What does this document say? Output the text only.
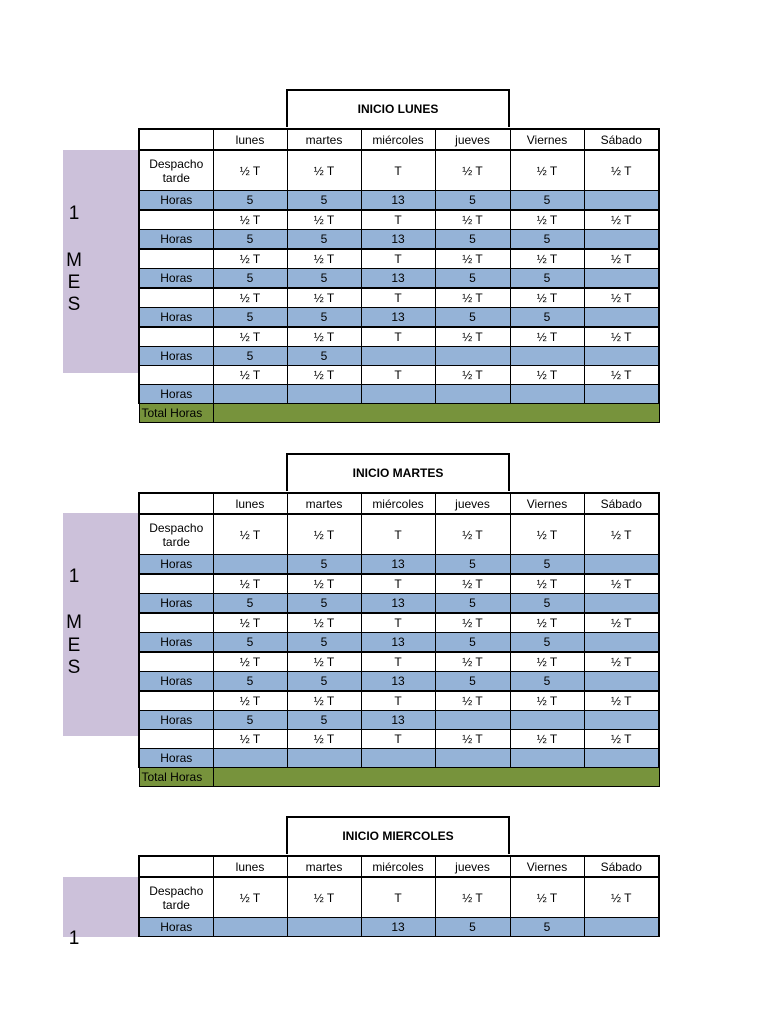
INICIO LUNES
1
M
E
S
	lunes	martes	miércoles	jueves	Viernes	Sábado
Despacho tarde	½ T	½ T	T	½ T	½ T	½ T
Horas	5	5	13	5	5	
	½ T	½ T	T	½ T	½ T	½ T
Horas	5	5	13	5	5	
	½ T	½ T	T	½ T	½ T	½ T
Horas	5	5	13	5	5	
	½ T	½ T	T	½ T	½ T	½ T
Horas	5	5	13	5	5	
	½ T	½ T	T	½ T	½ T	½ T
Horas	5	5				
	½ T	½ T	T	½ T	½ T	½ T
Horas						
Total Horas						
INICIO MARTES
1
M
E
S
	lunes	martes	miércoles	jueves	Viernes	Sábado
Despacho tarde	½ T	½ T	T	½ T	½ T	½ T
Horas		5	13	5	5	
	½ T	½ T	T	½ T	½ T	½ T
Horas	5	5	13	5	5	
	½ T	½ T	T	½ T	½ T	½ T
Horas	5	5	13	5	5	
	½ T	½ T	T	½ T	½ T	½ T
Horas	5	5	13	5	5	
	½ T	½ T	T	½ T	½ T	½ T
Horas	5	5	13			
	½ T	½ T	T	½ T	½ T	½ T
Horas						
Total Horas						
INICIO MIERCOLES
1
	lunes	martes	miércoles	jueves	Viernes	Sábado
Despacho tarde	½ T	½ T	T	½ T	½ T	½ T
Horas			13	5	5	
